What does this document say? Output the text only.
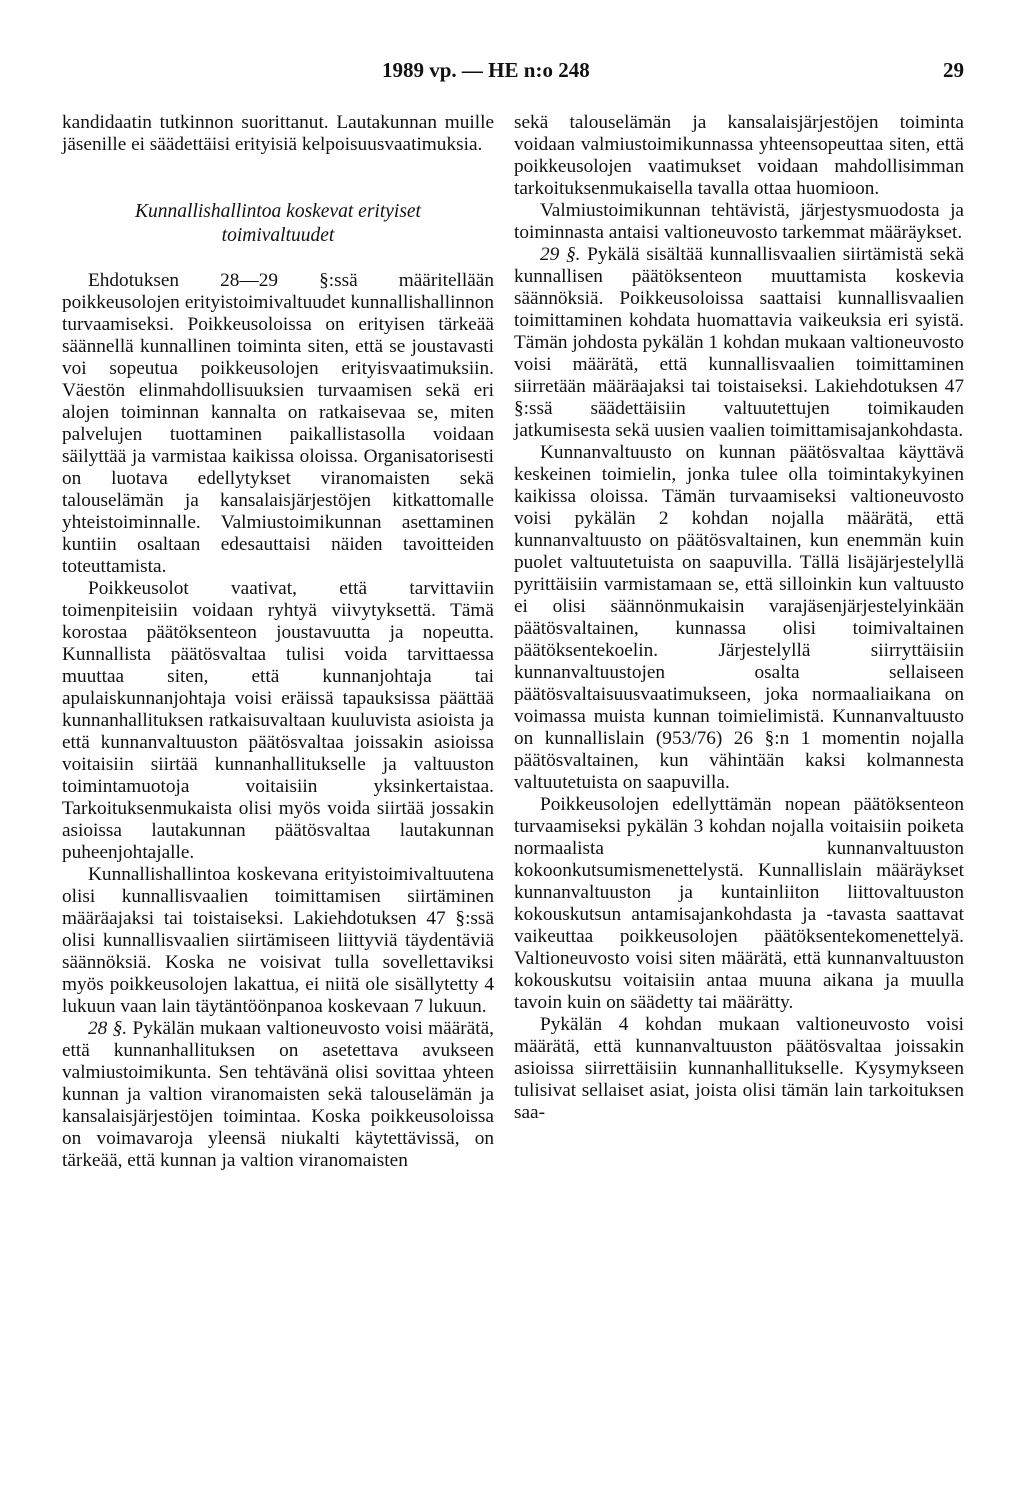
1989 vp. — HE n:o 248	29

kandidaatin tutkinnon suorittanut. Lautakunnan muille jäsenille ei säädettäisi erityisiä kelpoisuusvaatimuksia.

Kunnallishallintoa koskevat erityiset toimivaltuudet

Ehdotuksen 28—29 §:ssä määritellään poikkeusolojen erityistoimivaltuudet kunnallishallinnon turvaamiseksi. Poikkeusoloissa on erityisen tärkeää säännellä kunnallinen toiminta siten, että se joustavasti voi sopeutua poikkeusolojen erityisvaatimuksiin. Väestön elinmahdollisuuksien turvaamisen sekä eri alojen toiminnan kannalta on ratkaisevaa se, miten palvelujen tuottaminen paikallistasolla voidaan säilyttää ja varmistaa kaikissa oloissa. Organisatorisesti on luotava edellytykset viranomaisten sekä talouselämän ja kansalaisjärjestöjen kitkattomalle yhteistoiminnalle. Valmiustoimikunnan asettaminen kuntiin osaltaan edesauttaisi näiden tavoitteiden toteuttamista.

Poikkeusolot vaativat, että tarvittaviin toimenpiteisiin voidaan ryhtyä viivytyksettä. Tämä korostaa päätöksenteon joustavuutta ja nopeutta. Kunnallista päätösvaltaa tulisi voida tarvittaessa muuttaa siten, että kunnanjohtaja tai apulaiskunnanjohtaja voisi eräissä tapauksissa päättää kunnanhallituksen ratkaisuvaltaan kuuluvista asioista ja että kunnanvaltuuston päätösvaltaa joissakin asioissa voitaisiin siirtää kunnanhallitukselle ja valtuuston toimintamuotoja voitaisiin yksinkertaistaa. Tarkoituksenmukaista olisi myös voida siirtää jossakin asioissa lautakunnan päätösvaltaa lautakunnan puheenjohtajalle.

Kunnallishallintoa koskevana erityistoimivaltuutena olisi kunnallisvaalien toimittamisen siirtäminen määräajaksi tai toistaiseksi. Lakiehdotuksen 47 §:ssä olisi kunnallisvaalien siirtämiseen liittyviä täydentäviä säännöksiä. Koska ne voisivat tulla sovellettaviksi myös poikkeusolojen lakattua, ei niitä ole sisällytetty 4 lukuun vaan lain täytäntöönpanoa koskevaan 7 lukuun.

28 §. Pykälän mukaan valtioneuvosto voisi määrätä, että kunnanhallituksen on asetettava avukseen valmiustoimikunta. Sen tehtävänä olisi sovittaa yhteen kunnan ja valtion viranomaisten sekä talouselämän ja kansalaisjärjestöjen toimintaa. Koska poikkeusoloissa on voimavaroja yleensä niukalti käytettävissä, on tärkeää, että kunnan ja valtion viranomaisten

sekä talouselämän ja kansalaisjärjestöjen toiminta voidaan valmiustoimikunnassa yhteensopeuttaa siten, että poikkeusolojen vaatimukset voidaan mahdollisimman tarkoituksenmukaisella tavalla ottaa huomioon.

Valmiustoimikunnan tehtävistä, järjestysmuodosta ja toiminnasta antaisi valtioneuvosto tarkemmat määräykset.

29 §. Pykälä sisältää kunnallisvaalien siirtämistä sekä kunnallisen päätöksenteon muuttamista koskevia säännöksiä. Poikkeusoloissa saattaisi kunnallisvaalien toimittaminen kohdata huomattavia vaikeuksia eri syistä. Tämän johdosta pykälän 1 kohdan mukaan valtioneuvosto voisi määrätä, että kunnallisvaalien toimittaminen siirretään määräajaksi tai toistaiseksi. Lakiehdotuksen 47 §:ssä säädettäisiin valtuutettujen toimikauden jatkumisesta sekä uusien vaalien toimittamisajankohdasta.

Kunnanvaltuusto on kunnan päätösvaltaa käyttävä keskeinen toimielin, jonka tulee olla toimintakykyinen kaikissa oloissa. Tämän turvaamiseksi valtioneuvosto voisi pykälän 2 kohdan nojalla määrätä, että kunnanvaltuusto on päätösvaltainen, kun enemmän kuin puolet valtuutetuista on saapuvilla. Tällä lisäjärjestelyllä pyrittäisiin varmistamaan se, että silloinkin kun valtuusto ei olisi säännönmukaisin varajäsenjärjestelyinkään päätösvaltainen, kunnassa olisi toimivaltainen päätöksentekoelin. Järjestelyllä siirryttäisiin kunnanvaltuustojen osalta sellaiseen päätösvaltaisuusvaatimukseen, joka normaaliaikana on voimassa muista kunnan toimielimistä. Kunnanvaltuusto on kunnallislain (953/76) 26 §:n 1 momentin nojalla päätösvaltainen, kun vähintään kaksi kolmannesta valtuutetuista on saapuvilla.

Poikkeusolojen edellyttämän nopean päätöksenteon turvaamiseksi pykälän 3 kohdan nojalla voitaisiin poiketa normaalista kunnanvaltuuston kokoonkutsumismenettelystä. Kunnallislain määräykset kunnanvaltuuston ja kuntainliiton liittovaltuuston kokouskutsun antamisajankohdasta ja -tavasta saattavat vaikeuttaa poikkeusolojen päätöksentekomenettelyä. Valtioneuvosto voisi siten määrätä, että kunnanvaltuuston kokouskutsu voitaisiin antaa muuna aikana ja muulla tavoin kuin on säädetty tai määrätty.

Pykälän 4 kohdan mukaan valtioneuvosto voisi määrätä, että kunnanvaltuuston päätösvaltaa joissakin asioissa siirrettäisiin kunnanhallitukselle. Kysymykseen tulisivat sellaiset asiat, joista olisi tämän lain tarkoituksen saa-
